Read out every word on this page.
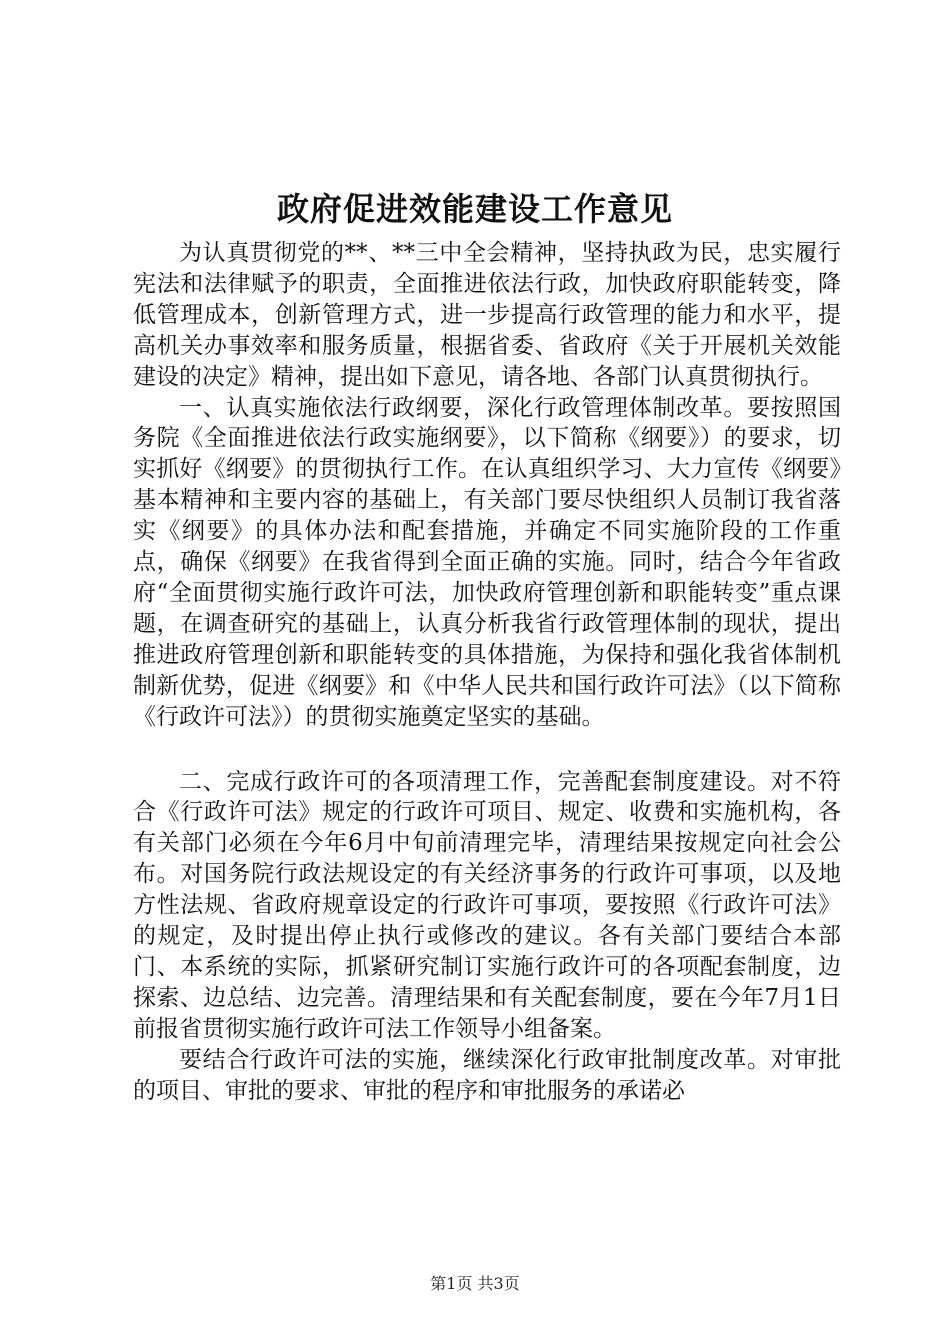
政府促进效能建设工作意见

为认真贯彻党的**、**三中全会精神，坚持执政为民，忠实履行宪法和法律赋予的职责，全面推进依法行政，加快政府职能转变，降低管理成本，创新管理方式，进一步提高行政管理的能力和水平，提高机关办事效率和服务质量，根据省委、省政府《关于开展机关效能建设的决定》精神，提出如下意见，请各地、各部门认真贯彻执行。

一、认真实施依法行政纲要，深化行政管理体制改革。要按照国务院《全面推进依法行政实施纲要》，以下简称《纲要》）的要求，切实抓好《纲要》的贯彻执行工作。在认真组织学习、大力宣传《纲要》基本精神和主要内容的基础上，有关部门要尽快组织人员制订我省落实《纲要》的具体办法和配套措施，并确定不同实施阶段的工作重点，确保《纲要》在我省得到全面正确的实施。同时，结合今年省政府“全面贯彻实施行政许可法，加快政府管理创新和职能转变”重点课题，在调查研究的基础上，认真分析我省行政管理体制的现状，提出推进政府管理创新和职能转变的具体措施，为保持和强化我省体制机制新优势，促进《纲要》和《中华人民共和国行政许可法》（以下简称《行政许可法》）的贯彻实施奠定坚实的基础。

二、完成行政许可的各项清理工作，完善配套制度建设。对不符合《行政许可法》规定的行政许可项目、规定、收费和实施机构，各有关部门必须在今年6月中旬前清理完毕，清理结果按规定向社会公布。对国务院行政法规设定的有关经济事务的行政许可事项，以及地方性法规、省政府规章设定的行政许可事项，要按照《行政许可法》的规定，及时提出停止执行或修改的建议。各有关部门要结合本部门、本系统的实际，抓紧研究制订实施行政许可的各项配套制度，边探索、边总结、边完善。清理结果和有关配套制度，要在今年7月1日前报省贯彻实施行政许可法工作领导小组备案。

要结合行政许可法的实施，继续深化行政审批制度改革。对审批的项目、审批的要求、审批的程序和审批服务的承诺必

第1页 共3页
